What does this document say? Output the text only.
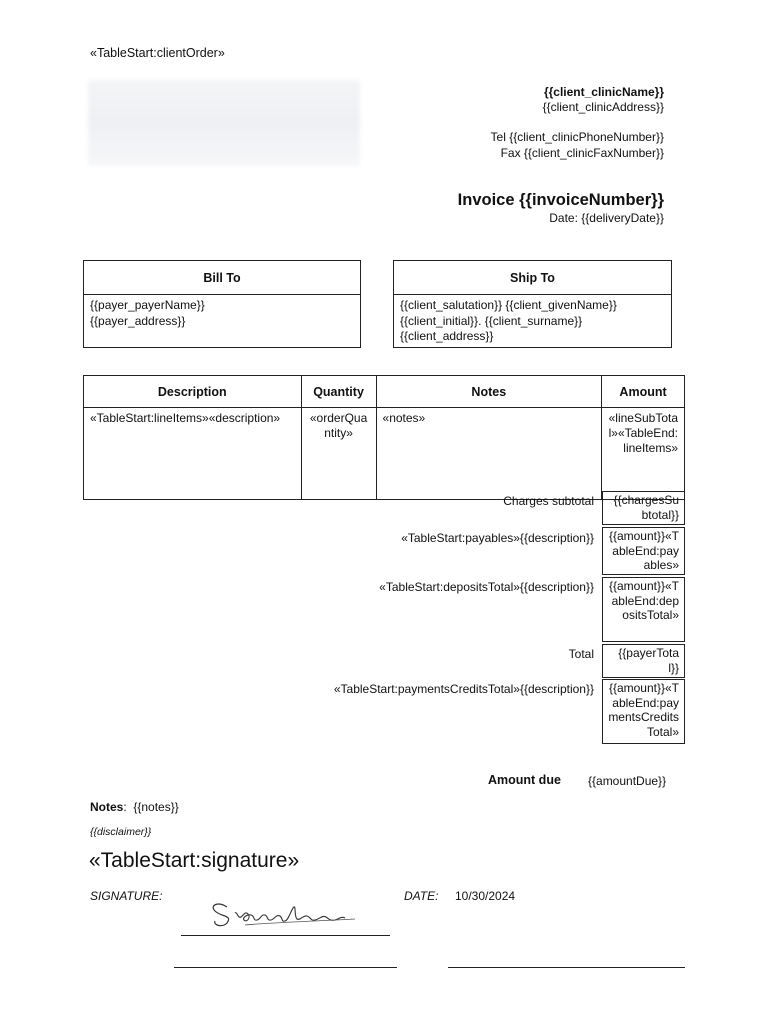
«TableStart:clientOrder»
{{client_clinicName}}
{{client_clinicAddress}}
Tel {{client_clinicPhoneNumber}}
Fax {{client_clinicFaxNumber}}
Invoice {{invoiceNumber}}
Date: {{deliveryDate}}
Bill To
{{payer_payerName}}
{{payer_address}}
Ship To
{{client_salutation}} {{client_givenName}}
{{client_initial}}. {{client_surname}}
{{client_address}}
Description	Quantity	Notes	Amount
«TableStart:lineItems»«description»	«orderQuantity»	«notes»	«lineSubTotal»«TableEnd:lineItems»
Charges subtotal	{{chargesSubtotal}}
«TableStart:payables»{{description}}	{{amount}}«TableEnd:payables»
«TableStart:depositsTotal»{{description}}	{{amount}}«TableEnd:depositsTotal»
Total	{{payerTotal}}
«TableStart:paymentsCreditsTotal»{{description}}	{{amount}}«TableEnd:paymentsCreditsTotal»
Amount due {{amountDue}}
Notes:  {{notes}}
{{disclaimer}}
«TableStart:signature»
SIGNATURE:	DATE: 10/30/2024
